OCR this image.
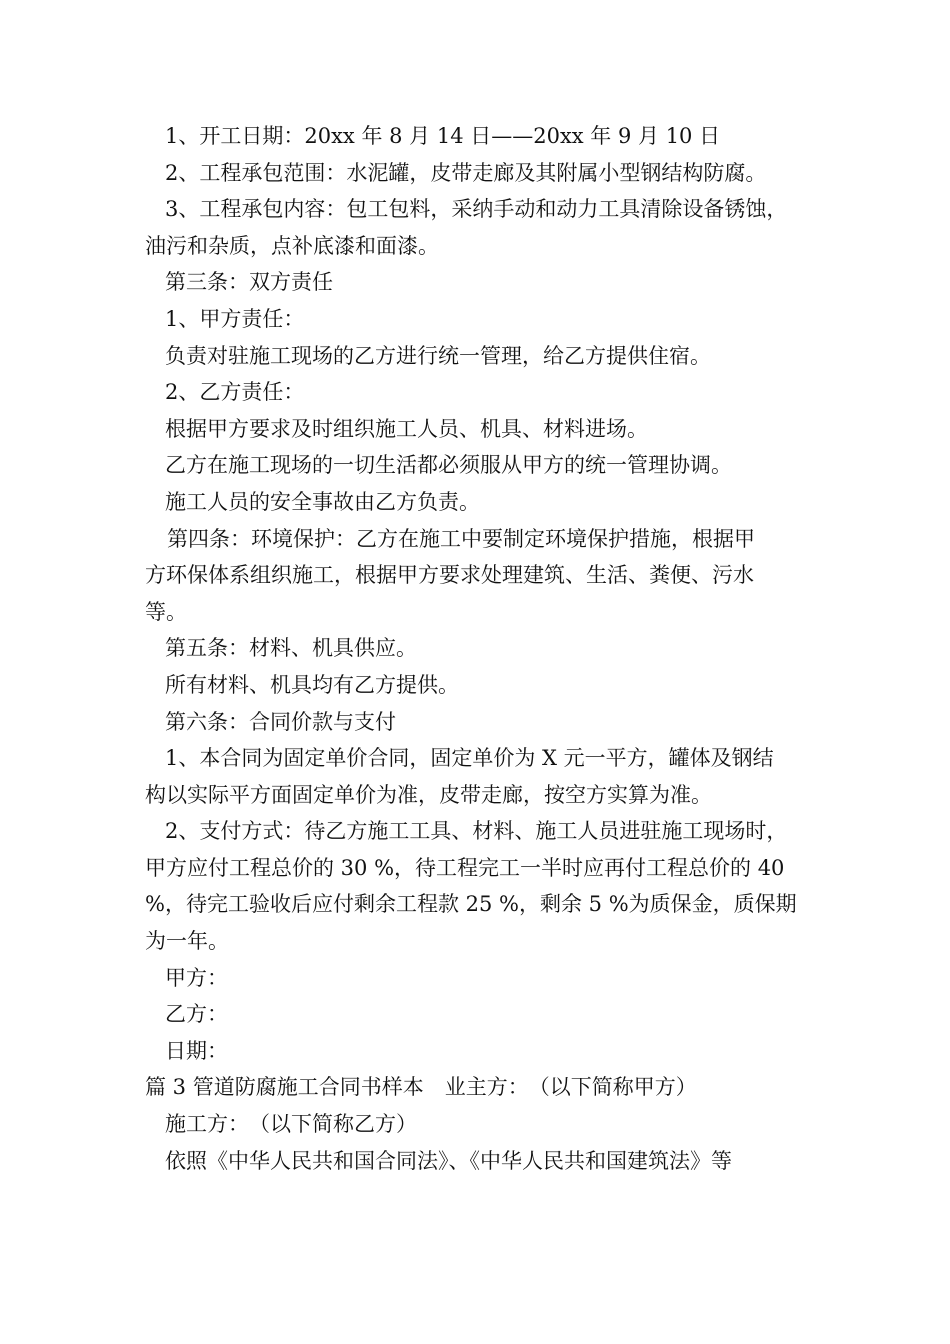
1、开工日期：20xx 年 8 月 14 日——20xx 年 9 月 10 日
2、工程承包范围：水泥罐，皮带走廊及其附属小型钢结构防腐。
3、工程承包内容：包工包料，采纳手动和动力工具清除设备锈蚀，
油污和杂质，点补底漆和面漆。
第三条：双方责任
1、甲方责任：
负责对驻施工现场的乙方进行统一管理，给乙方提供住宿。
2、乙方责任：
根据甲方要求及时组织施工人员、机具、材料进场。
乙方在施工现场的一切生活都必须服从甲方的统一管理协调。
施工人员的安全事故由乙方负责。
第四条：环境保护：乙方在施工中要制定环境保护措施，根据甲
方环保体系组织施工，根据甲方要求处理建筑、生活、粪便、污水
等。
第五条：材料、机具供应。
所有材料、机具均有乙方提供。
第六条：合同价款与支付
1、本合同为固定单价合同，固定单价为 X 元一平方，罐体及钢结
构以实际平方面固定单价为准，皮带走廊，按空方实算为准。
2、支付方式：待乙方施工工具、材料、施工人员进驻施工现场时，
甲方应付工程总价的 30 %，待工程完工一半时应再付工程总价的 40
%，待完工验收后应付剩余工程款 25 %，剩余 5 %为质保金，质保期
为一年。
甲方：
乙方：
日期：
篇 3 管道防腐施工合同书样本　业主方：　（以下简称甲方）
施工方：　（以下简称乙方）
依照《中华人民共和国合同法》、《中华人民共和国建筑法》等
